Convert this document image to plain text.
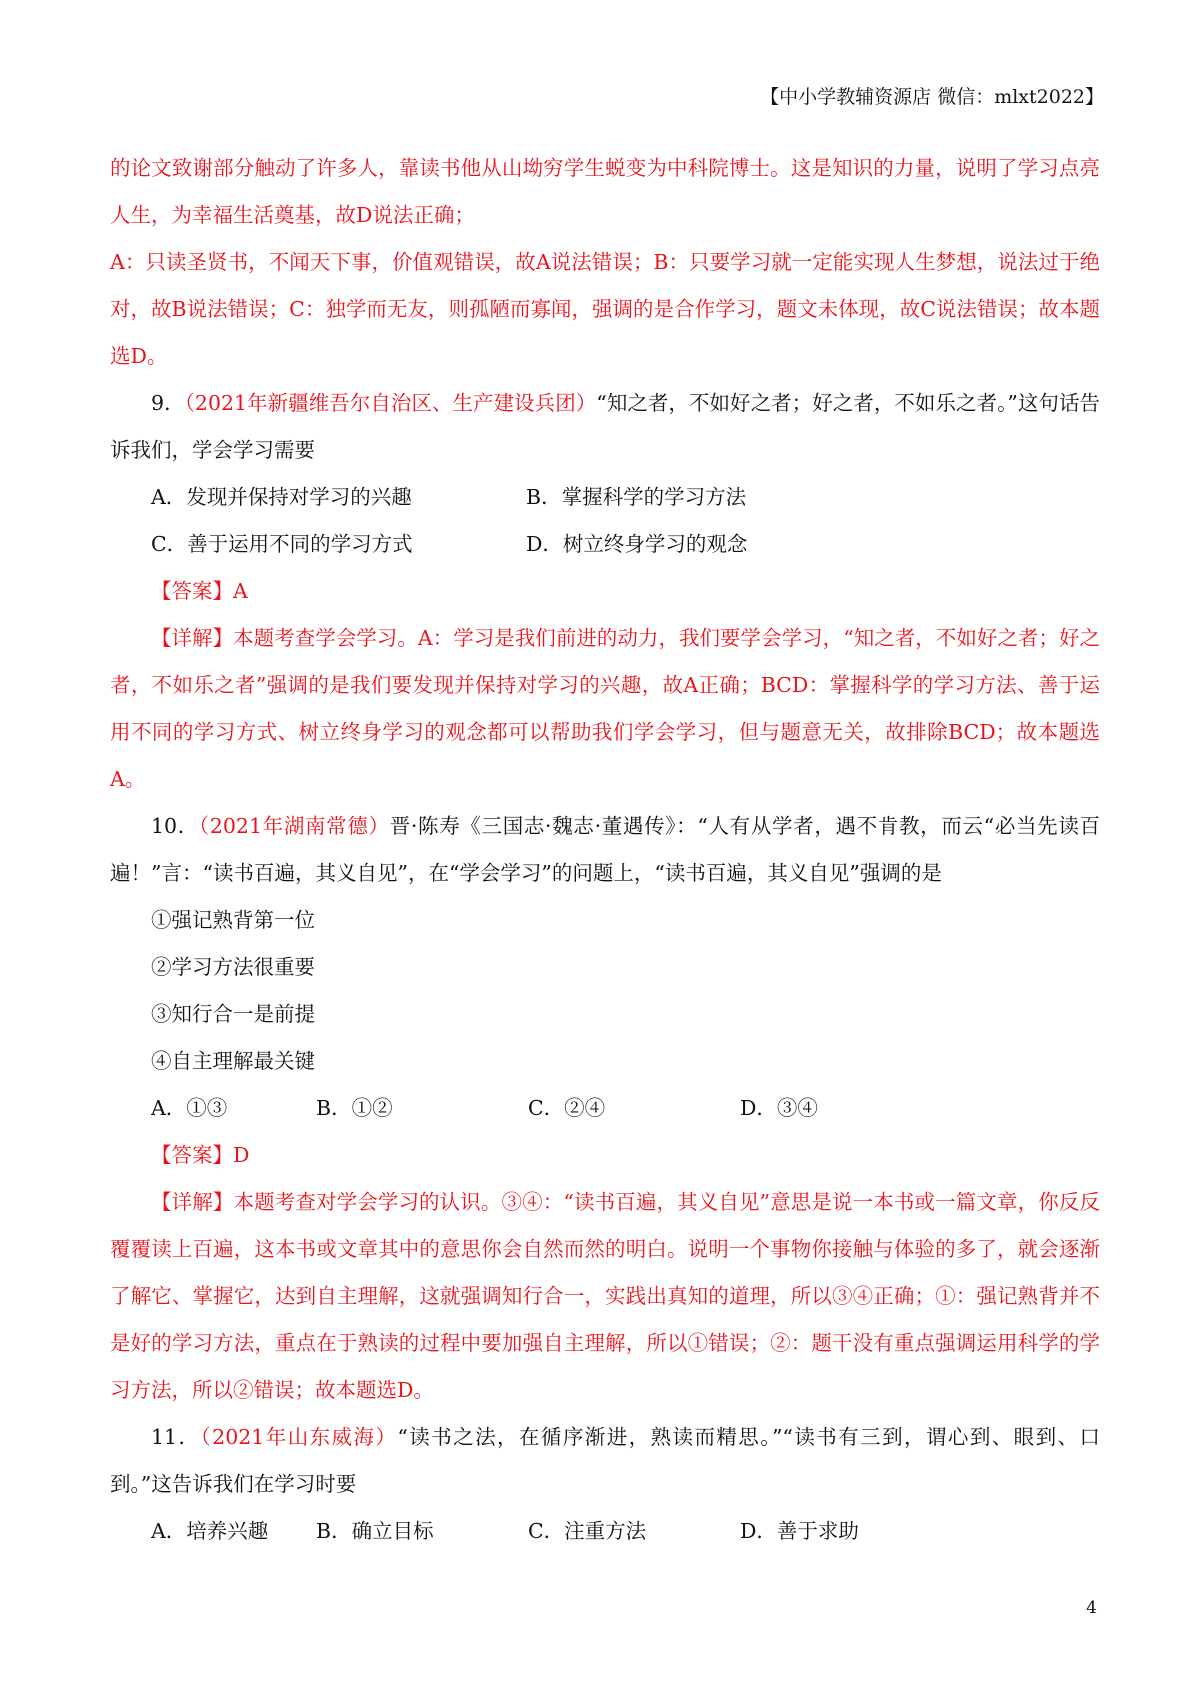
【中小学教辅资源店 微信：mlxt2022】

的论文致谢部分触动了许多人，靠读书他从山坳穷学生蜕变为中科院博士。这是知识的力量，说明了学习点亮人生，为幸福生活奠基，故D说法正确；

A：只读圣贤书，不闻天下事，价值观错误，故A说法错误；B：只要学习就一定能实现人生梦想，说法过于绝对，故B说法错误；C：独学而无友，则孤陋而寡闻，强调的是合作学习，题文未体现，故C说法错误；故本题选D。

9．（2021年新疆维吾尔自治区、生产建设兵团）“知之者，不如好之者；好之者，不如乐之者。”这句话告诉我们，学会学习需要

A．发现并保持对学习的兴趣	B．掌握科学的学习方法
C．善于运用不同的学习方式	D．树立终身学习的观念

【答案】A

【详解】本题考查学会学习。A：学习是我们前进的动力，我们要学会学习，“知之者，不如好之者；好之者，不如乐之者”强调的是我们要发现并保持对学习的兴趣，故A正确；BCD：掌握科学的学习方法、善于运用不同的学习方式、树立终身学习的观念都可以帮助我们学会学习，但与题意无关，故排除BCD；故本题选A。

10．（2021年湖南常德）晋·陈寿《三国志·魏志·董遇传》：“人有从学者，遇不肯教，而云“必当先读百遍！”言：“读书百遍，其义自见”，在“学会学习”的问题上，“读书百遍，其义自见”强调的是

①强记熟背第一位

②学习方法很重要

③知行合一是前提

④自主理解最关键

A．①③	B．①②	C．②④	D．③④

【答案】D

【详解】本题考查对学会学习的认识。③④：“读书百遍，其义自见”意思是说一本书或一篇文章，你反反覆覆读上百遍，这本书或文章其中的意思你会自然而然的明白。说明一个事物你接触与体验的多了，就会逐渐了解它、掌握它，达到自主理解，这就强调知行合一，实践出真知的道理，所以③④正确；①：强记熟背并不是好的学习方法，重点在于熟读的过程中要加强自主理解，所以①错误；②：题干没有重点强调运用科学的学习方法，所以②错误；故本题选D。

11．（2021年山东威海）“读书之法，在循序渐进，熟读而精思。”“读书有三到，谓心到、眼到、口到。”这告诉我们在学习时要

A．培养兴趣	B．确立目标	C．注重方法	D．善于求助
4
